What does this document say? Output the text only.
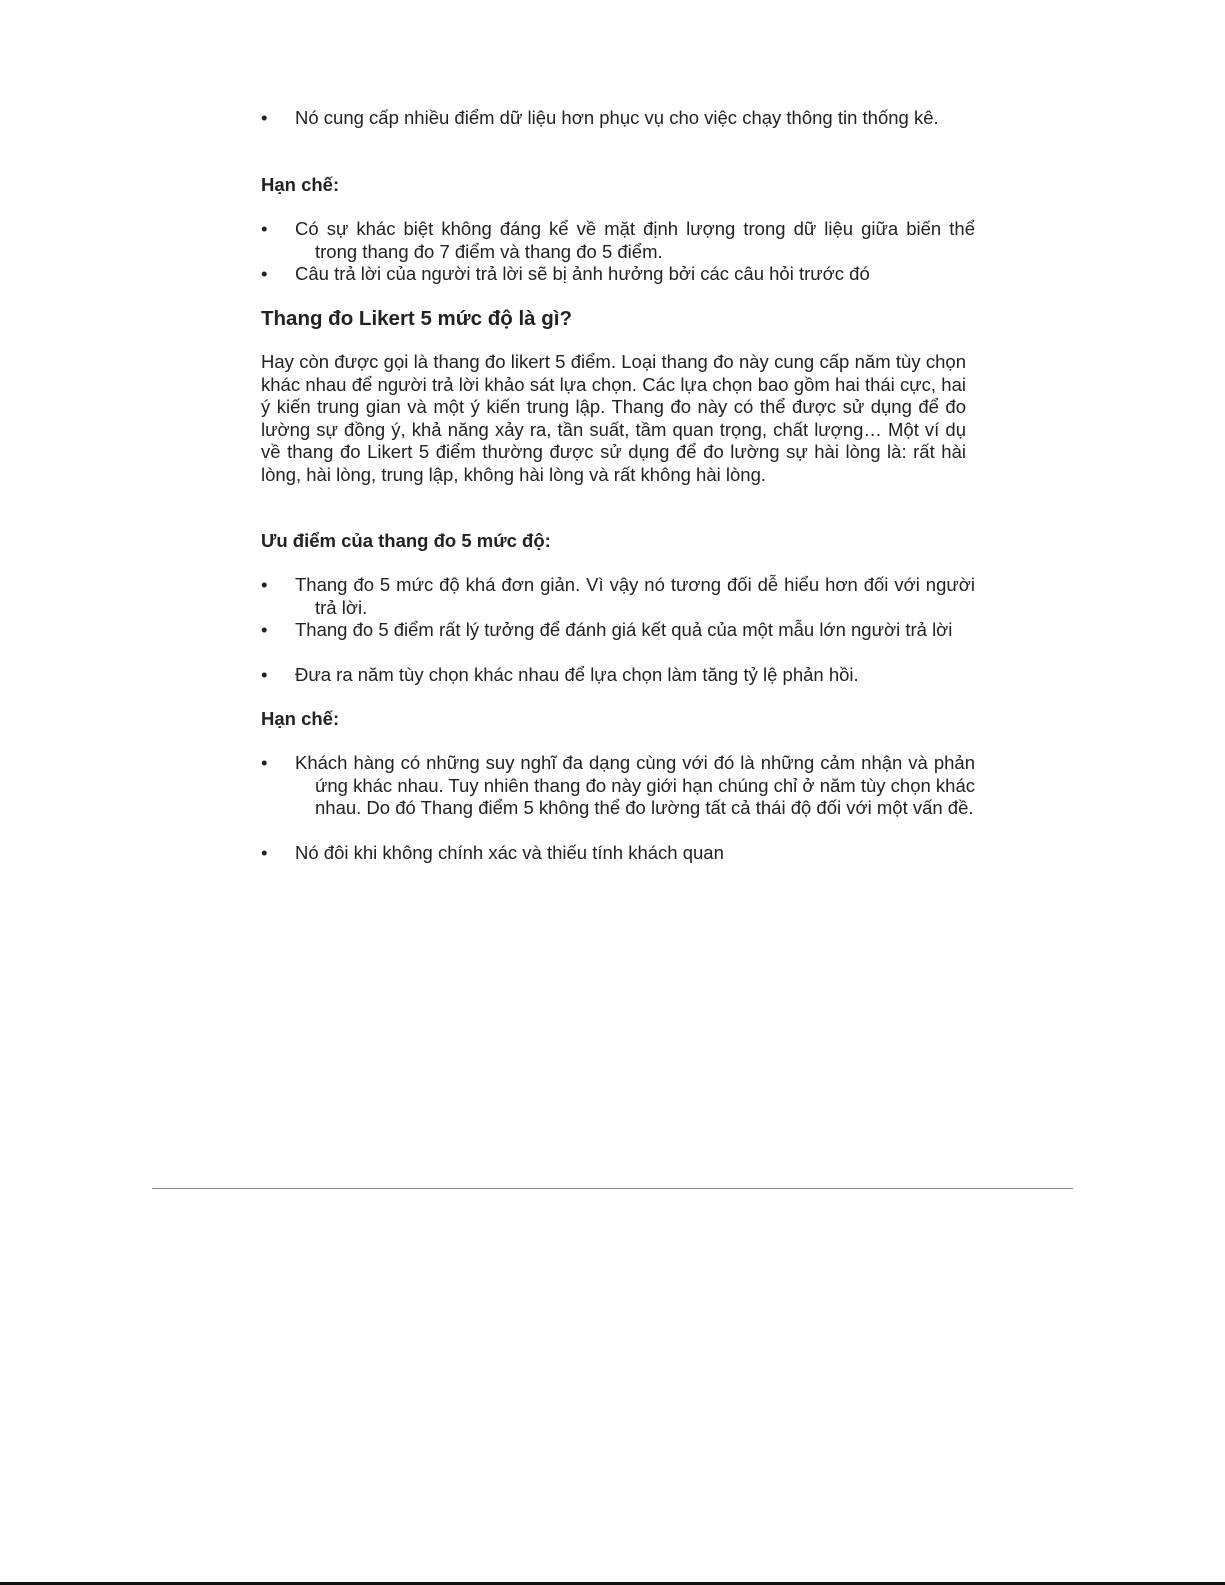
• Nó cung cấp nhiều điểm dữ liệu hơn phục vụ cho việc chạy thông tin thống kê.
Hạn chế:
• Có sự khác biệt không đáng kể về mặt định lượng trong dữ liệu giữa biến thể trong thang đo 7 điểm và thang đo 5 điểm.
• Câu trả lời của người trả lời sẽ bị ảnh hưởng bởi các câu hỏi trước đó
Thang đo Likert 5 mức độ là gì?
Hay còn được gọi là thang đo likert 5 điểm. Loại thang đo này cung cấp năm tùy chọn khác nhau để người trả lời khảo sát lựa chọn. Các lựa chọn bao gồm hai thái cực, hai ý kiến trung gian và một ý kiến trung lập. Thang đo này có thể được sử dụng để đo lường sự đồng ý, khả năng xảy ra, tần suất, tầm quan trọng, chất lượng… Một ví dụ về thang đo Likert 5 điểm thường được sử dụng để đo lường sự hài lòng là: rất hài lòng, hài lòng, trung lập, không hài lòng và rất không hài lòng.
Ưu điểm của thang đo 5 mức độ:
• Thang đo 5 mức độ khá đơn giản. Vì vậy nó tương đối dễ hiểu hơn đối với người trả lời.
• Thang đo 5 điểm rất lý tưởng để đánh giá kết quả của một mẫu lớn người trả lời
• Đưa ra năm tùy chọn khác nhau để lựa chọn làm tăng tỷ lệ phản hồi.
Hạn chế:
• Khách hàng có những suy nghĩ đa dạng cùng với đó là những cảm nhận và phản ứng khác nhau. Tuy nhiên thang đo này giới hạn chúng chỉ ở năm tùy chọn khác nhau. Do đó Thang điểm 5 không thể đo lường tất cả thái độ đối với một vấn đề.
• Nó đôi khi không chính xác và thiếu tính khách quan
